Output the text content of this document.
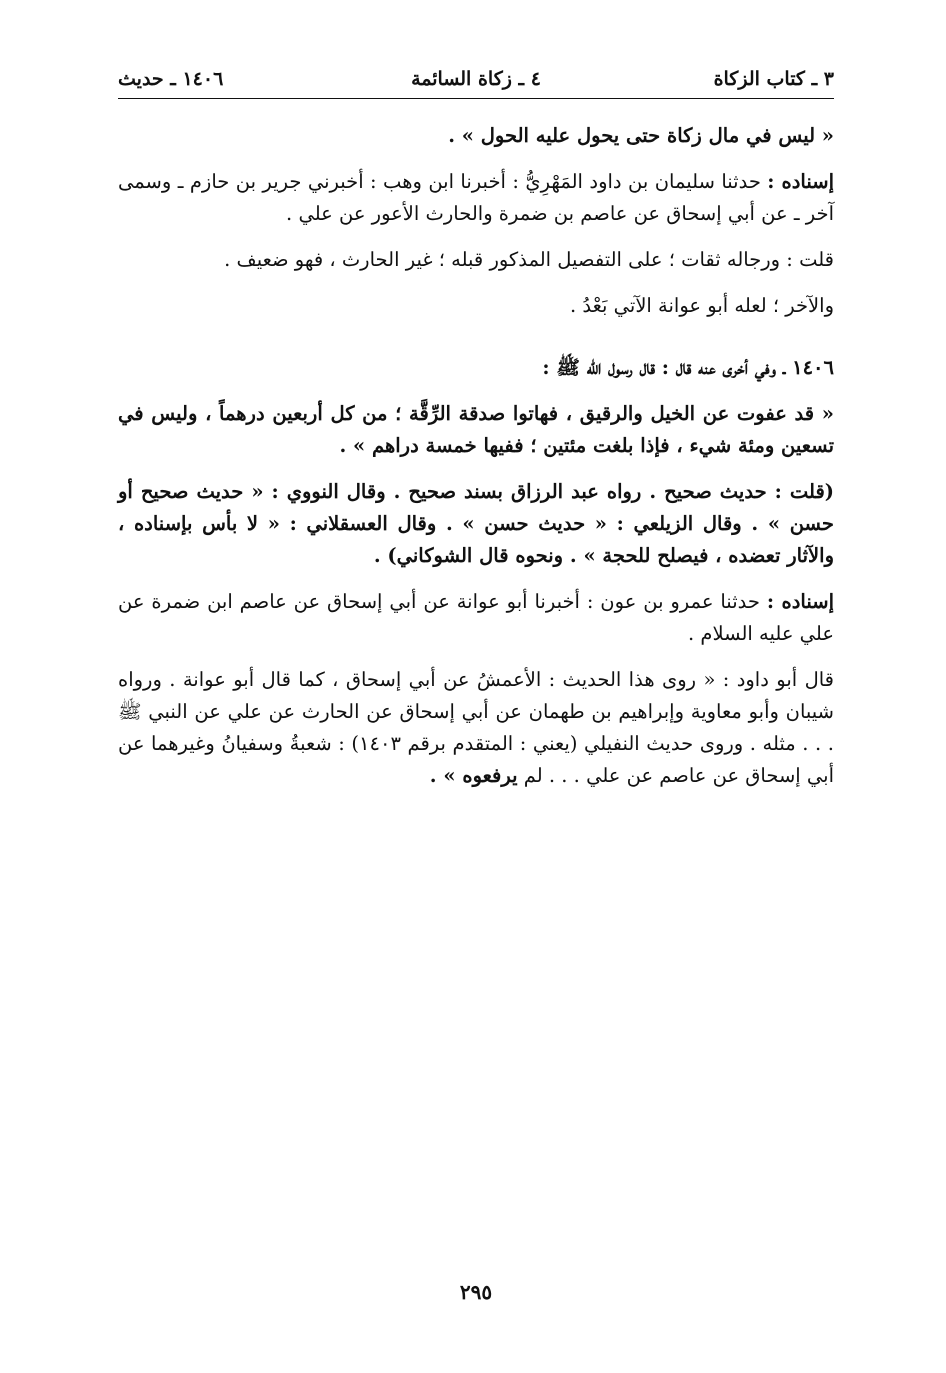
٣ ـ كتاب الزكاة
٤ ـ زكاة السائمة
١٤٠٦ ـ حديث

« ليس في مال زكاة حتى يحول عليه الحول » .

إسناده : حدثنا سليمان بن داود المَهْرِيُّ : أخبرنا ابن وهب : أخبرني جرير بن حازم ـ وسمى آخر ـ عن أبي إسحاق عن عاصم بن ضمرة والحارث الأعور عن علي .

قلت : ورجاله ثقات ؛ على التفصيل المذكور قبله ؛ غير الحارث ، فهو ضعيف .

والآخر ؛ لعله أبو عوانة الآتي بَعْدُ .

١٤٠٦ ـ وفي أخرى عنه قال : قال رسول الله ﷺ :

« قد عفوت عن الخيل والرقيق ، فهاتوا صدقة الرِّقَّة ؛ من كل أربعين درهماً ، وليس في تسعين ومئة شيء ، فإذا بلغت مئتين ؛ ففيها خمسة دراهم » .

(قلت : حديث صحيح . رواه عبد الرزاق بسند صحيح . وقال النووي : « حديث صحيح أو حسن » . وقال الزيلعي : « حديث حسن » . وقال العسقلاني : « لا بأس بإسناده ، والآثار تعضده ، فيصلح للحجة » . ونحوه قال الشوكاني) .

إسناده : حدثنا عمرو بن عون : أخبرنا أبو عوانة عن أبي إسحاق عن عاصم ابن ضمرة عن علي عليه السلام .

قال أبو داود : « روى هذا الحديث : الأعمشُ عن أبي إسحاق ، كما قال أبو عوانة . ورواه شيبان وأبو معاوية وإبراهيم بن طهمان عن أبي إسحاق عن الحارث عن علي عن النبي ﷺ . . . مثله . وروى حديث النفيلي (يعني : المتقدم برقم ١٤٠٣) : شعبةُ وسفيانُ وغيرهما عن أبي إسحاق عن عاصم عن علي . . . لم يرفعوه » .

٢٩٥
